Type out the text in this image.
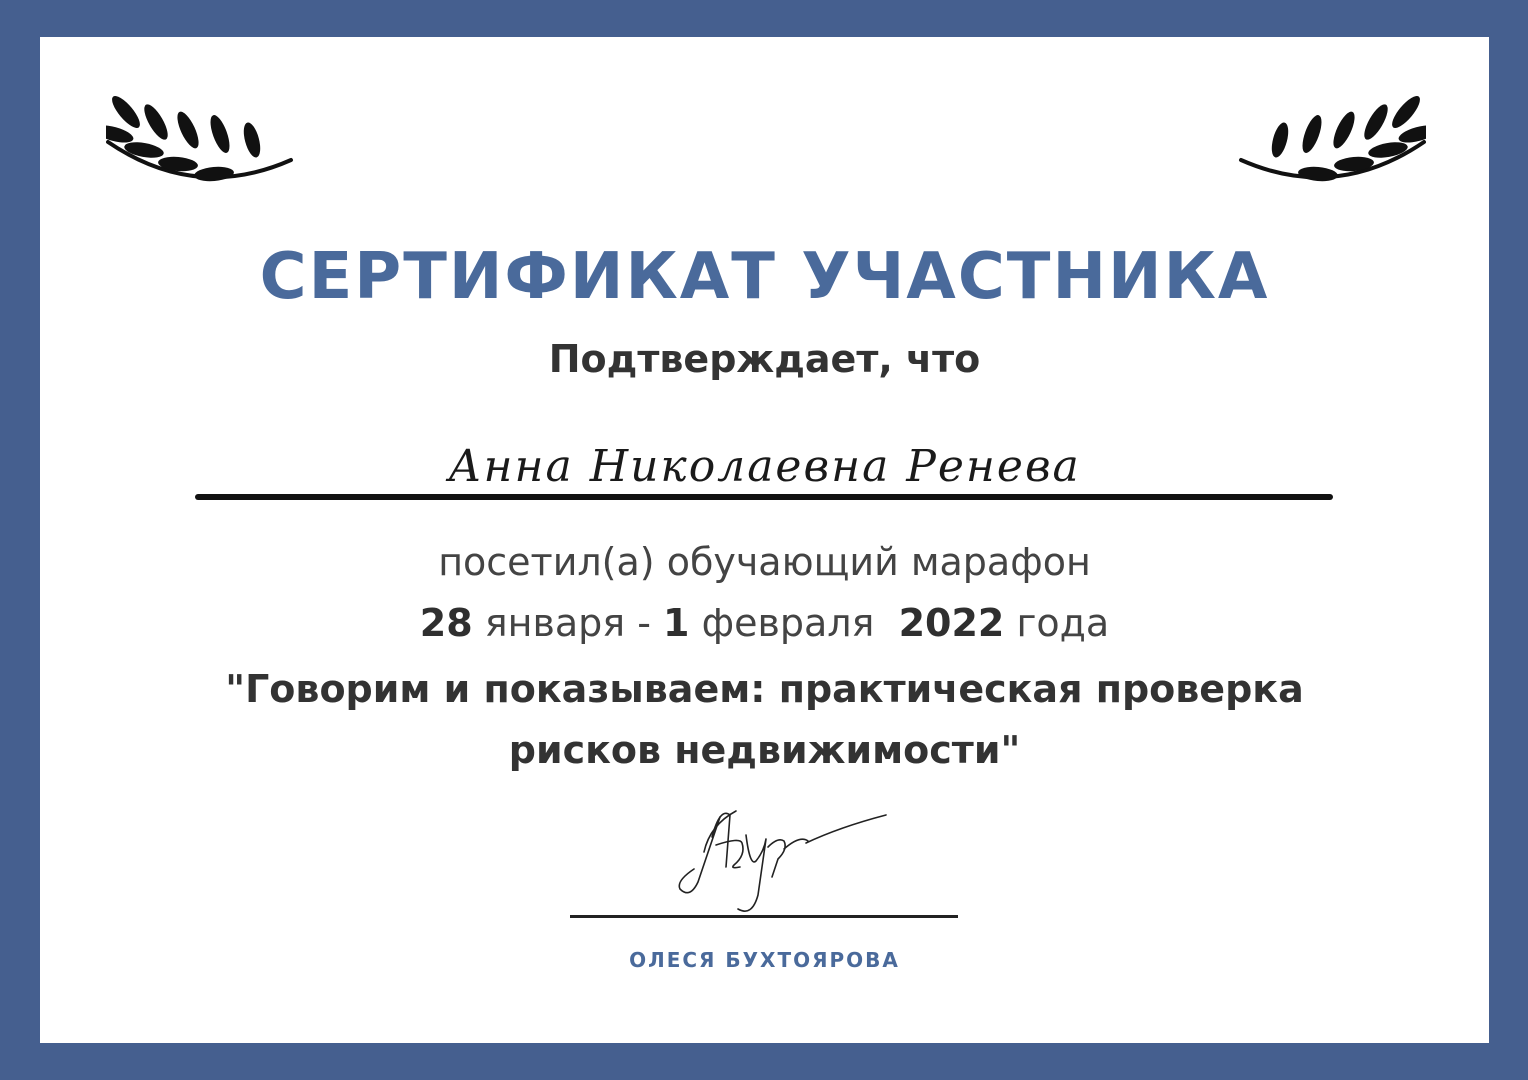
СЕРТИФИКАТ УЧАСТНИКА
Подтверждает, что
Анна Николаевна Ренева
посетил(а) обучающий марафон
28 января - 1 февраля 2022 года
"Говорим и показываем: практическая проверка
рисков недвижимости"
ОЛЕСЯ БУХТОЯРОВА
